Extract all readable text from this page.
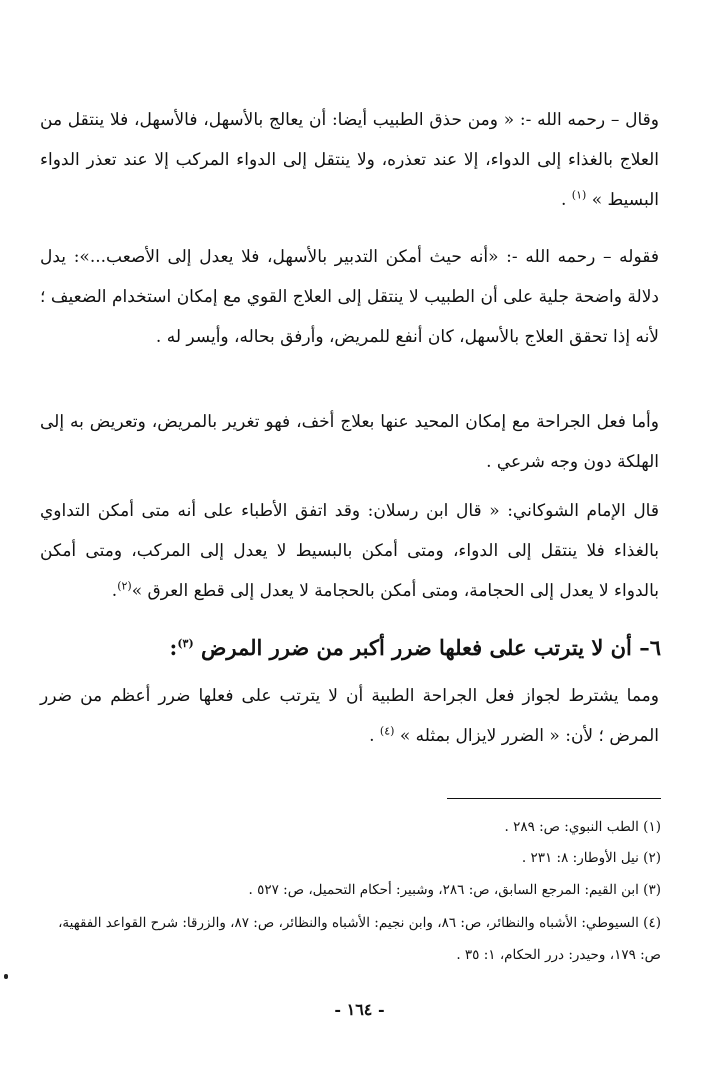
وقال – رحمه الله -: « ومن حذق الطبيب أيضا: أن يعالج بالأسهل، فالأسهل، فلا ينتقل من العلاج بالغذاء إلى الدواء، إلا عند تعذره، ولا ينتقل إلى الدواء المركب إلا عند تعذر الدواء البسيط » $^{(١)}$ .

فقوله – رحمه الله -: «أنه حيث أمكن التدبير بالأسهل، فلا يعدل إلى الأصعب...»: يدل دلالة واضحة جلية على أن الطبيب لا ينتقل إلى العلاج القوي مع إمكان استخدام الضعيف ؛ لأنه إذا تحقق العلاج بالأسهل، كان أنفع للمريض، وأرفق بحاله، وأيسر له .

وأما فعل الجراحة مع إمكان المحيد عنها بعلاج أخف، فهو تغرير بالمريض، وتعريض به إلى الهلكة دون وجه شرعي .

قال الإمام الشوكاني: « قال ابن رسلان: وقد اتفق الأطباء على أنه متى أمكن التداوي بالغذاء فلا ينتقل إلى الدواء، ومتى أمكن بالبسيط لا يعدل إلى المركب، ومتى أمكن بالدواء لا يعدل إلى الحجامة، ومتى أمكن بالحجامة لا يعدل إلى قطع العرق »$^{(٢)}$.

٦– أن لا يترتب على فعلها ضرر أكبر من ضرر المرض $^{(٣)}$:

ومما يشترط لجواز فعل الجراحة الطبية أن لا يترتب على فعلها ضرر أعظم من ضرر المرض ؛ لأن: « الضرر لايزال بمثله » $^{(٤)}$ .

(١) الطب النبوي: ص: ٢٨٩ .

(٢) نيل الأوطار: ٨: ٢٣١ .

(٣) ابن القيم: المرجع السابق، ص: ٢٨٦، وشبير: أحكام التحميل، ص: ٥٢٧ .

(٤) السيوطي: الأشباه والنظائر، ص: ٨٦، وابن نجيم: الأشباه والنظائر، ص: ٨٧، والزرقا: شرح القواعد الفقهية، ص: ١٧٩، وحيدر: درر الحكام، ١: ٣٥ .

- ١٦٤ -
